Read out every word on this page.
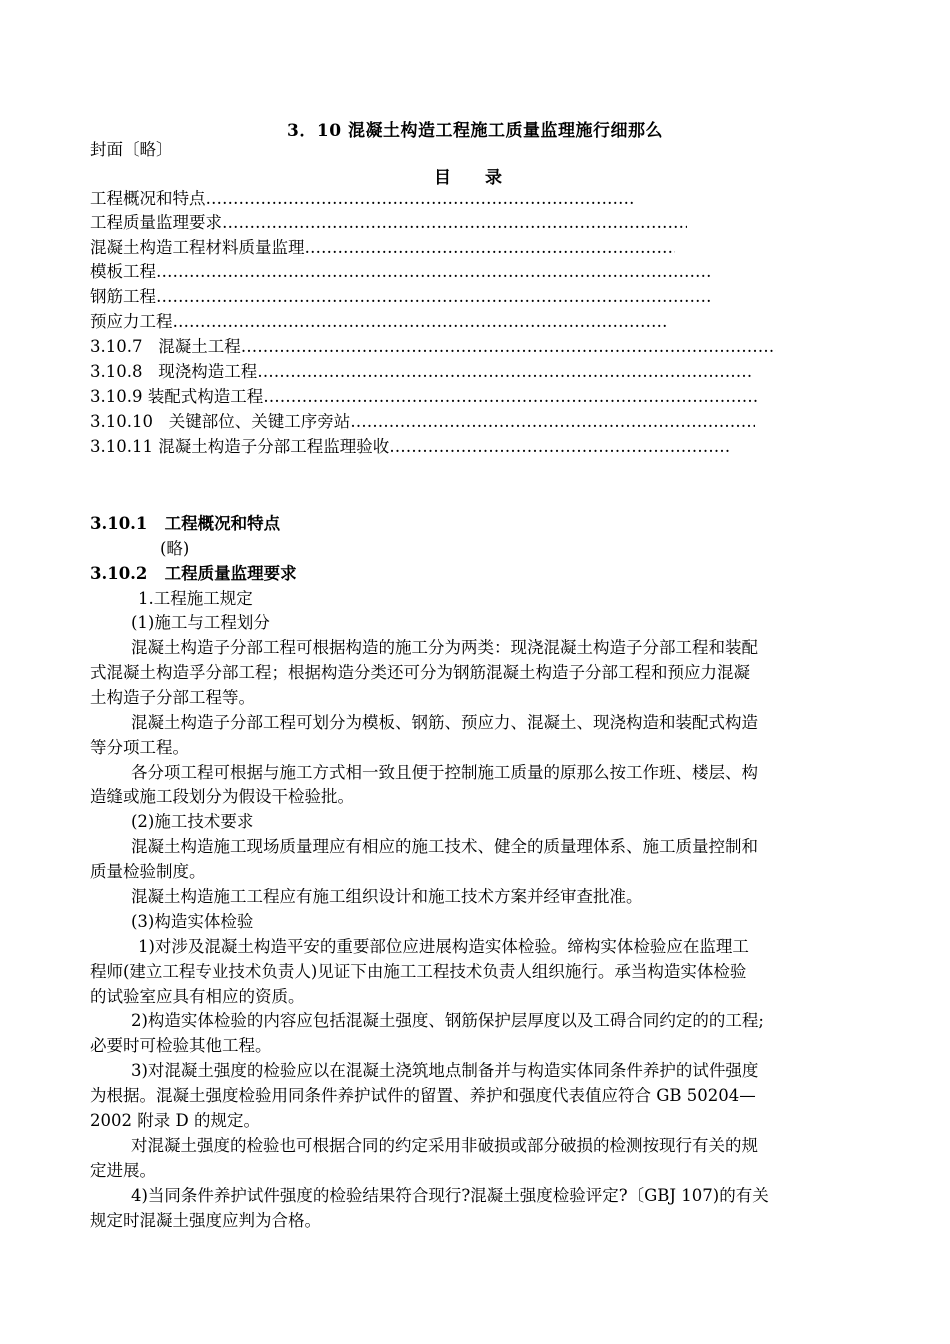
3．10 混凝土构造工程施工质量监理施行细那么
封面〔略〕
目 录
工程概况和特点……………………………………………………………………………………………………………………………………………………………………………………
工程质量监理要求……………………………………………………………………………………………………………………………………………………………………………………
混凝土构造工程材料质量监理……………………………………………………………………………………………………………………………………………………………………………………
模板工程……………………………………………………………………………………………………………………………………………………………………………………
钢筋工程……………………………………………………………………………………………………………………………………………………………………………………
预应力工程……………………………………………………………………………………………………………………………………………………………………………………
3.10.7   混凝土工程……………………………………………………………………………………………………………………………………………………………………………………
3.10.8   现浇构造工程……………………………………………………………………………………………………………………………………………………………………………………
3.10.9 装配式构造工程……………………………………………………………………………………………………………………………………………………………………………………
3.10.10   关键部位、关键工序旁站……………………………………………………………………………………………………………………………………………………………………………………
3.10.11 混凝土构造子分部工程监理验收……………………………………………………………………………………………………………………………………………………………………………………
3.10.1   工程概况和特点
(略)
3.10.2   工程质量监理要求
1.工程施工规定
(1)施工与工程划分
混凝土构造子分部工程可根据构造的施工分为两类：现浇混凝土构造子分部工程和装配
式混凝土构造孚分部工程；根据构造分类还可分为钢筋混凝土构造子分部工程和预应力混凝
土构造子分部工程等。
混凝土构造子分部工程可划分为模板、钢筋、预应力、混凝土、现浇构造和装配式构造
等分项工程。
各分项工程可根据与施工方式相一致且便于控制施工质量的原那么按工作班、楼层、构
造缝或施工段划分为假设干检验批。
(2)施工技术要求
混凝土构造施工现场质量理应有相应的施工技术、健全的质量理体系、施工质量控制和
质量检验制度。
混凝土构造施工工程应有施工组织设计和施工技术方案并经审查批准。
(3)构造实体检验
1)对涉及混凝土构造平安的重要部位应进展构造实体检验。缔构实体检验应在监理工
程师(建立工程专业技术负责人)见证下由施工工程技术负责人组织施行。承当构造实体检验
的试验室应具有相应的资质。
2)构造实体检验的内容应包括混凝土强度、钢筋保护层厚度以及工碍合同约定的的工程;
必要时可检验其他工程。
3)对混凝土强度的检验应以在混凝土浇筑地点制备并与构造实体同条件养护的试件强度
为根据。混凝土强度检验用同条件养护试件的留置、养护和强度代表值应符合 GB 50204—
2002 附录 D 的规定。
对混凝土强度的检验也可根据合同的约定采用非破损或部分破损的检测按现行有关的规
定进展。
4)当同条件养护试件强度的检验结果符合现行?混凝土强度检验评定?〔GBJ 107)的有关
规定时混凝土强度应判为合格。
